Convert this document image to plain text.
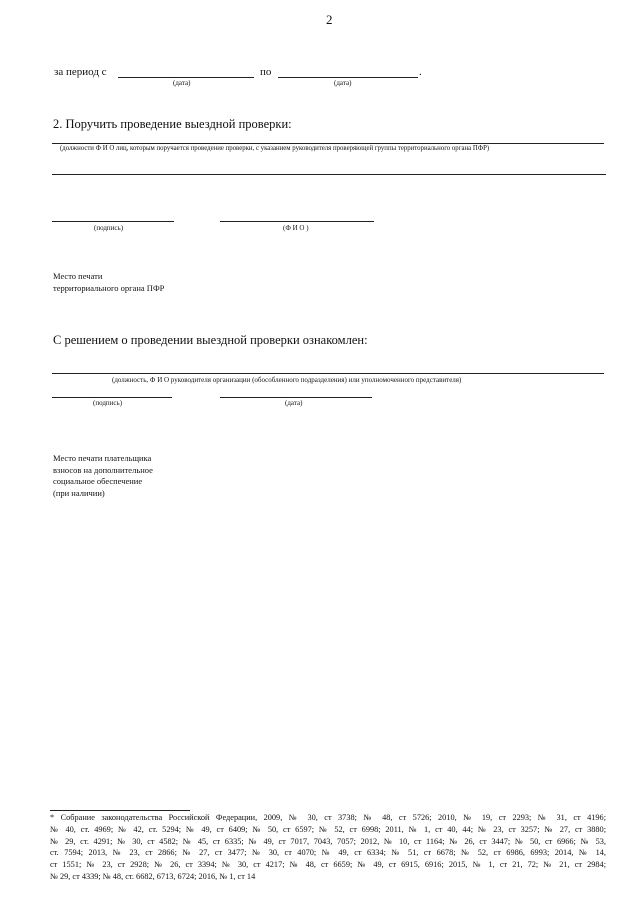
2
за период с
(дата)
по
(дата)
.
2. Поручить проведение выездной проверки:
(должности Ф И О лиц, которым поручается проведение проверки, с указанием руководителя проверяющей группы территориального органа ПФР)
(подпись)	(Ф И О )
Место печати
территориального органа ПФР
С решением о проведении выездной проверки ознакомлен:
(должность, Ф И О руководителя организации (обособленного подразделения) или уполномоченного представителя)
(подпись)	(дата)
Место печати плательщика
взносов на дополнительное
социальное обеспечение
(при наличии)
* Собрание законодательства Российской Федерации, 2009, № 30, ст 3738; № 48, ст 5726; 2010, № 19, ст 2293; № 31, ст 4196;
№ 40, ст. 4969; № 42, ст. 5294; № 49, ст 6409; № 50, ст 6597; № 52, ст 6998; 2011, № 1, ст 40, 44; № 23, ст 3257; № 27, ст 3880;
№ 29, ст. 4291; № 30, ст 4582; № 45, ст 6335; № 49, ст 7017, 7043, 7057; 2012, № 10, ст 1164; № 26, ст 3447; № 50, ст 6966; № 53,
ст. 7594; 2013, № 23, ст 2866; № 27, ст 3477; № 30, ст 4070; № 49, ст 6334; № 51, ст 6678; № 52, ст 6986, 6993; 2014, № 14,
ст 1551; № 23, ст 2928; № 26, ст 3394; № 30, ст 4217; № 48, ст 6659; № 49, ст 6915, 6916; 2015, № 1, ст 21, 72; № 21, ст 2984;
№ 29, ст 4339; № 48, ст. 6682, 6713, 6724; 2016, № 1, ст 14
